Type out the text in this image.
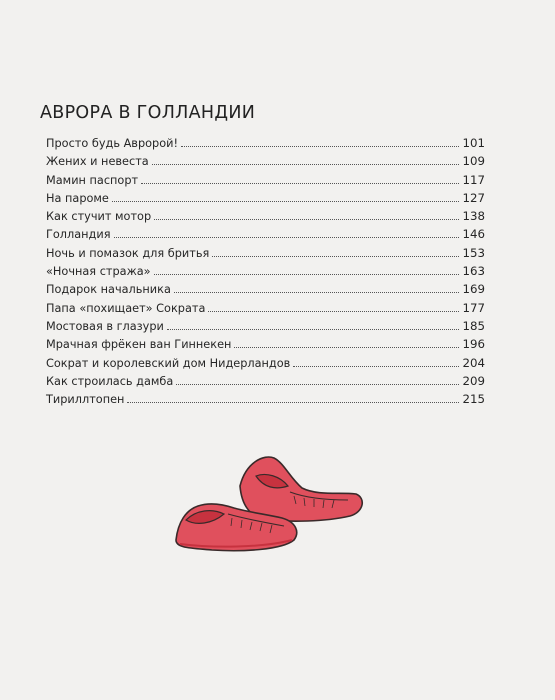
АВРОРА В ГОЛЛАНДИИ
Просто будь Авророй!	101
Жених и невеста	109
Мамин паспорт	117
На пароме	127
Как стучит мотор	138
Голландия	146
Ночь и помазок для бритья	153
«Ночная стража»	163
Подарок начальника	169
Папа «похищает» Сократа	177
Мостовая в глазури	185
Мрачная фрёкен ван Гиннекен	196
Сократ и королевский дом Нидерландов	204
Как строилась дамба	209
Тириллтопен	215
